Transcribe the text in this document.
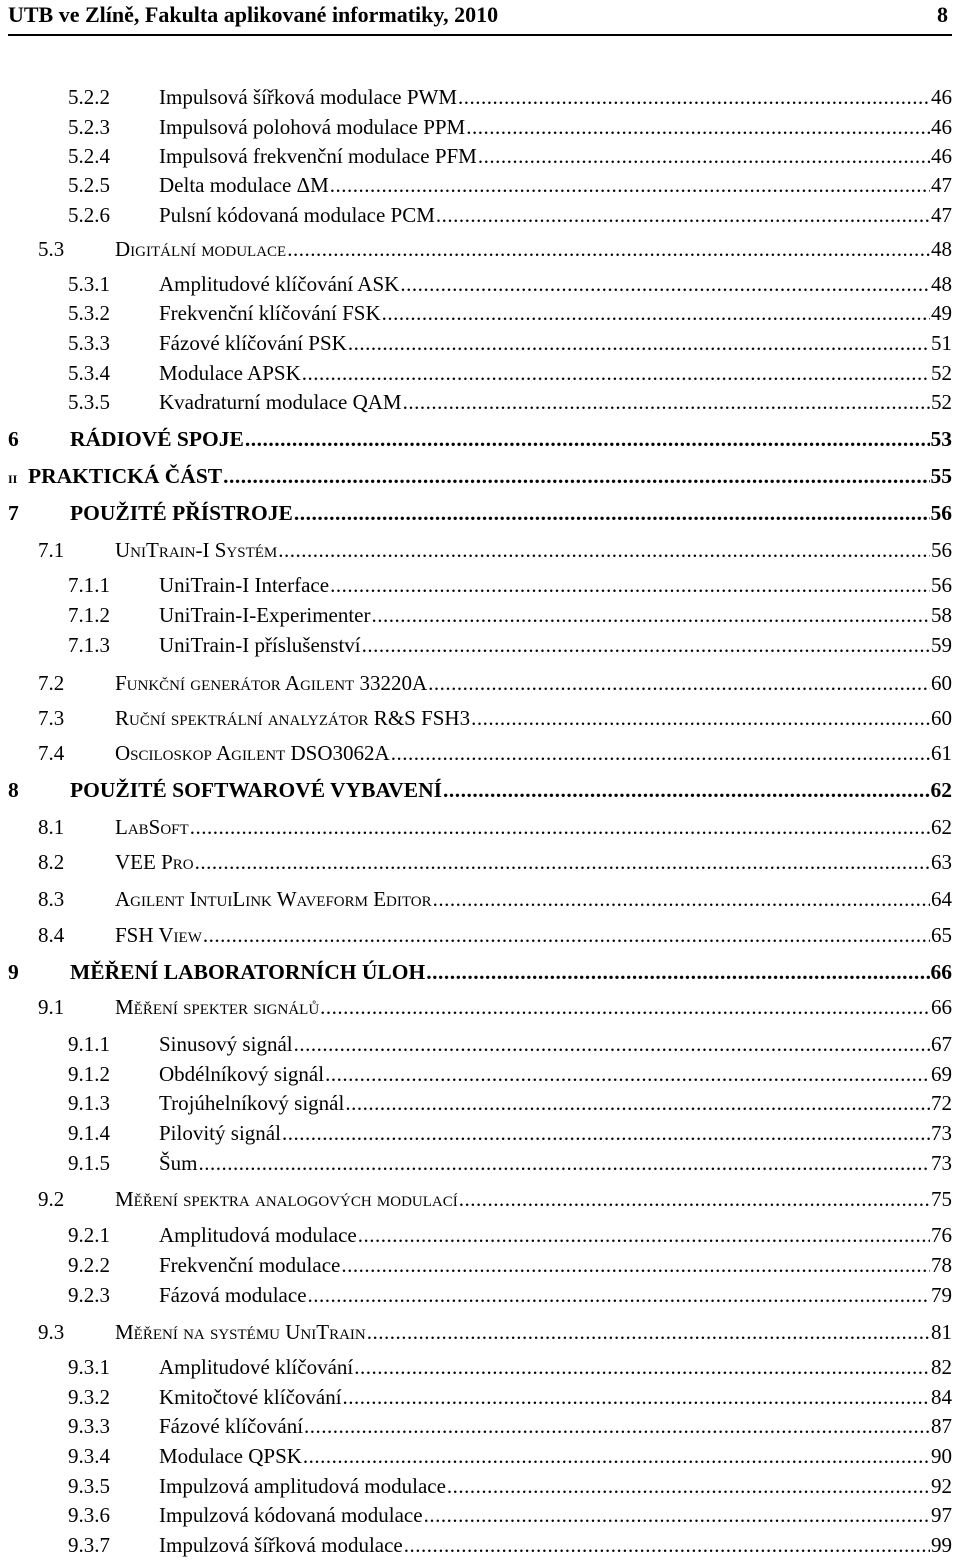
UTB ve Zlíně, Fakulta aplikované informatiky, 2010	8
5.2.2	Impulsová šířková modulace PWM .....	46
5.2.3	Impulsová polohová modulace PPM .....	46
5.2.4	Impulsová frekvenční modulace PFM .....	46
5.2.5	Delta modulace ΔM .....	47
5.2.6	Pulsní kódovaná modulace PCM .....	47
5.3	Digitální modulace .....	48
5.3.1	Amplitudové klíčování ASK .....	48
5.3.2	Frekvenční klíčování FSK .....	49
5.3.3	Fázové klíčování PSK .....	51
5.3.4	Modulace APSK .....	52
5.3.5	Kvadraturní modulace QAM .....	52
6	RÁDIOVÉ SPOJE .....	53
II PRAKTICKÁ ČÁST .....	55
7	POUŽITÉ PŘÍSTROJE .....	56
7.1	UniTrain-I Systém .....	56
7.1.1	UniTrain-I Interface .....	56
7.1.2	UniTrain-I-Experimenter .....	58
7.1.3	UniTrain-I příslušenství .....	59
7.2	Funkční generátor Agilent 33220A .....	60
7.3	Ruční spektrální analyzátor R&S FSH3 .....	60
7.4	Osciloskop Agilent DSO3062A .....	61
8	POUŽITÉ SOFTWAROVÉ VYBAVENÍ .....	62
8.1	LabSoft .....	62
8.2	VEE Pro .....	63
8.3	Agilent IntuiLink Waveform Editor .....	64
8.4	FSH View .....	65
9	MĚŘENÍ LABORATORNÍCH ÚLOH .....	66
9.1	Měření spekter signálů .....	66
9.1.1	Sinusový signál .....	67
9.1.2	Obdélníkový signál .....	69
9.1.3	Trojúhelníkový signál .....	72
9.1.4	Pilovitý signál .....	73
9.1.5	Šum .....	73
9.2	Měření spektra analogových modulací .....	75
9.2.1	Amplitudová modulace .....	76
9.2.2	Frekvenční modulace .....	78
9.2.3	Fázová modulace .....	79
9.3	Měření na systému UniTrain .....	81
9.3.1	Amplitudové klíčování .....	82
9.3.2	Kmitočtové klíčování .....	84
9.3.3	Fázové klíčování .....	87
9.3.4	Modulace QPSK .....	90
9.3.5	Impulzová amplitudová modulace .....	92
9.3.6	Impulzová kódovaná modulace .....	97
9.3.7	Impulzová šířková modulace .....	99
